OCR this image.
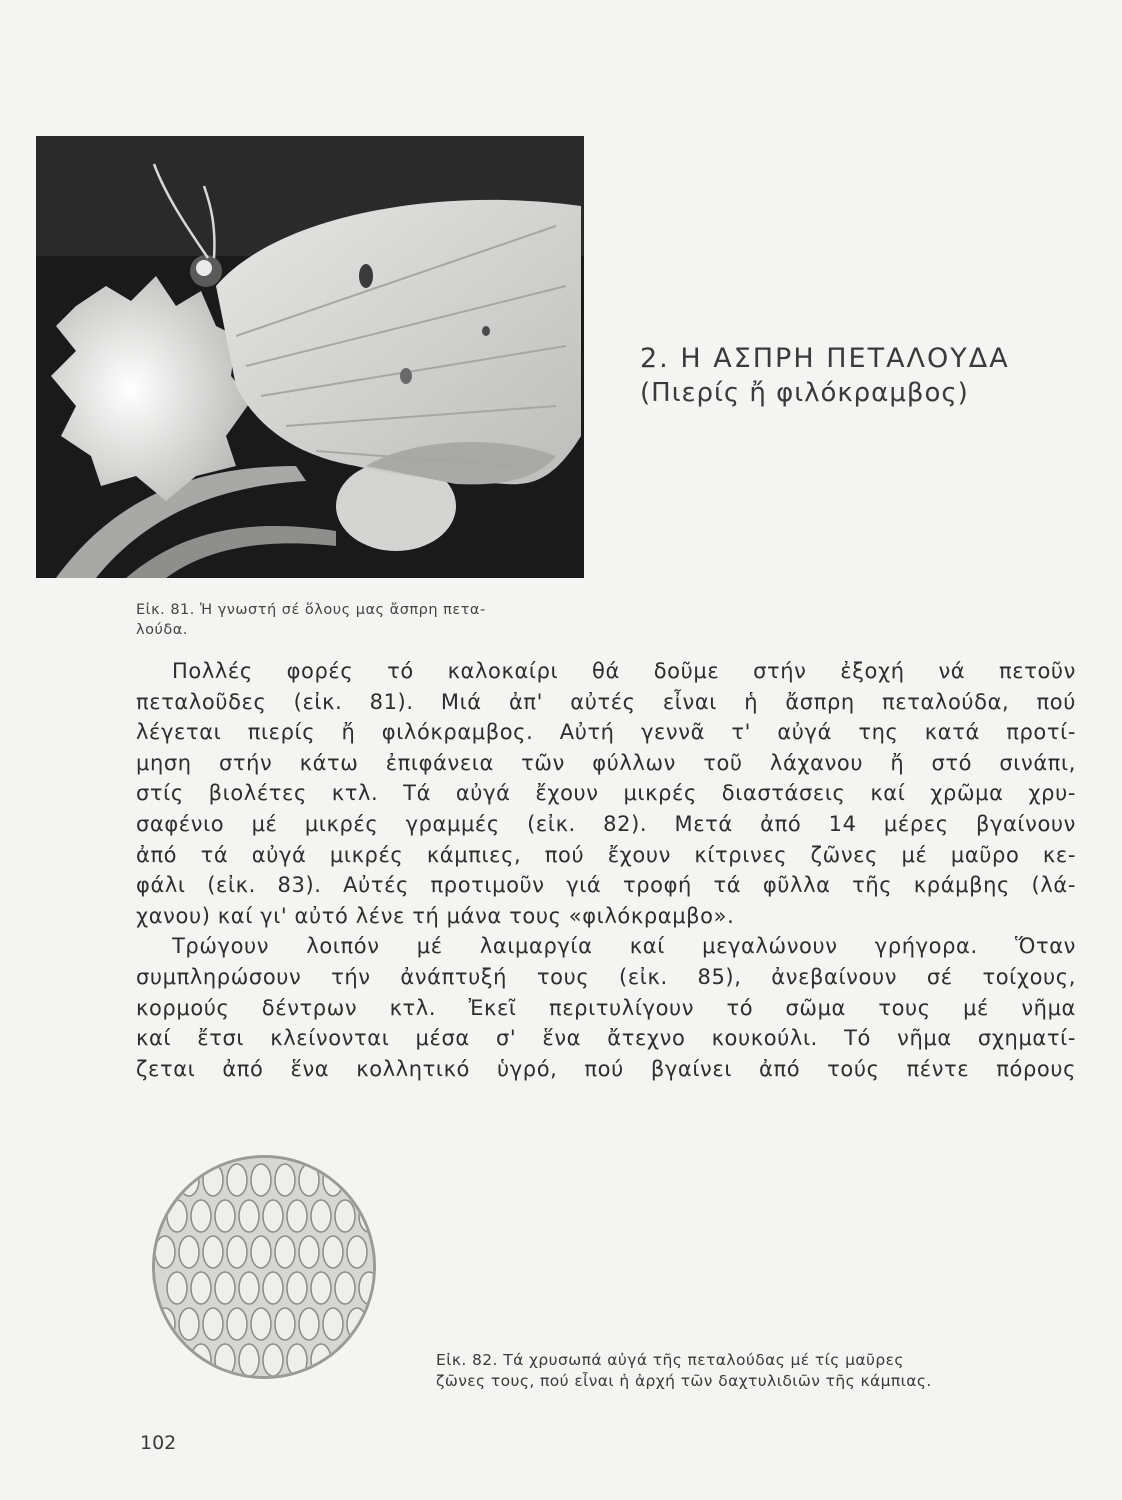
2. Η ΑΣΠΡΗ ΠΕΤΑΛΟΥΔΑ
(Πιερίς ἤ φιλόκραμβος)
Εἰκ. 81. Ἡ γνωστή σέ ὅλους μας ἄσπρη πετα-
λούδα.
Πολλές φορές τό καλοκαίρι θά δοῦμε στήν ἐξοχή νά πετοῦν
πεταλοῦδες (εἰκ. 81). Μιά ἀπ' αὐτές εἶναι ἡ ἄσπρη πεταλούδα, πού
λέγεται πιερίς ἤ φιλόκραμβος. Αὐτή γεννᾶ τ' αὐγά της κατά προτί-
μηση στήν κάτω ἐπιφάνεια τῶν φύλλων τοῦ λάχανου ἤ στό σινάπι,
στίς βιολέτες κτλ. Τά αὐγά ἔχουν μικρές διαστάσεις καί χρῶμα χρυ-
σαφένιο μέ μικρές γραμμές (εἰκ. 82). Μετά ἀπό 14 μέρες βγαίνουν
ἀπό τά αὐγά μικρές κάμπιες, πού ἔχουν κίτρινες ζῶνες μέ μαῦρο κε-
φάλι (εἰκ. 83). Αὐτές προτιμοῦν γιά τροφή τά φῦλλα τῆς κράμβης (λά-
χανου) καί γι' αὐτό λένε τή μάνα τους «φιλόκραμβο».
Τρώγουν λοιπόν μέ λαιμαργία καί μεγαλώνουν γρήγορα. Ὅταν
συμπληρώσουν τήν ἀνάπτυξή τους (εἰκ. 85), ἀνεβαίνουν σέ τοίχους,
κορμούς δέντρων κτλ. Ἐκεῖ περιτυλίγουν τό σῶμα τους μέ νῆμα
καί ἔτσι κλείνονται μέσα σ' ἕνα ἄτεχνο κουκούλι. Τό νῆμα σχηματί-
ζεται ἀπό ἕνα κολλητικό ὑγρό, πού βγαίνει ἀπό τούς πέντε πόρους
Εἰκ. 82. Τά χρυσωπά αὐγά τῆς πεταλούδας μέ τίς μαῦρες
ζῶνες τους, πού εἶναι ἡ ἀρχή τῶν δαχτυλιδιῶν τῆς κάμπιας.
102
